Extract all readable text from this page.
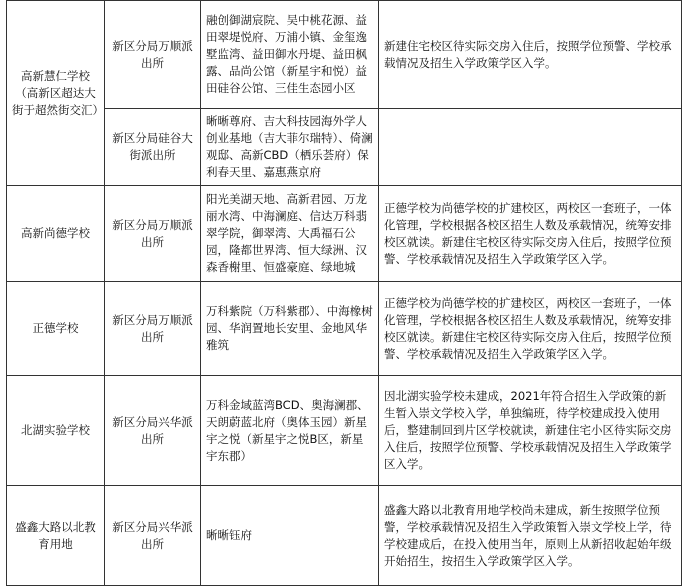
高新慧仁学校（高新区超达大街于超然街交汇）	新区分局万顺派出所	融创御湖宸院、吴中桃花源、益田翠堤悦府、万浦小镇、金玺逸墅监湾、益田御水丹堤、益田枫露、品尚公馆（新星宇和悦）益田硅谷公馆、三佳生态园小区	新建住宅校区待实际交房入住后，按照学位预警、学校承载情况及招生入学政策学区入学。

	新区分局硅谷大街派出所	晰晰尊府、吉大科技园海外学人创业基地（吉大菲尔瑞特）、倚澜观邸、高新CBD（栖乐荟府）保利春天里、嘉惠燕京府	

高新尚德学校	新区分局万顺派出所	阳光美湖天地、高新君园、万龙丽水湾、中海澜庭、信达万科翡翠学院，御翠湾、大禹福石公园，隆都世界湾、恒大绿洲、汉森香榭里、恒盛豪庭、绿地城	正德学校为尚德学校的扩建校区，两校区一套班子，一体化管理，学校根据各校区招生人数及承载情况，统筹安排校区就读。新建住宅校区待实际交房入住后，按照学位预警、学校承载情况及招生入学政策学区入学。

正德学校	新区分局万顺派出所	万科紫院（万科紫郡）、中海橡树园、华润置地长安里、金地风华雅筑	正德学校为尚德学校的扩建校区，两校区一套班子，一体化管理，学校根据各校区招生人数及承载情况，统筹安排校区就读。新建住宅校区待实际交房入住后，按照学位预警、学校承载情况及招生入学政策学区入学。

北湖实验学校	新区分局兴华派出所	万科金域蓝湾BCD、奥海澜郡、天朗蔚蓝北府（奥体玉园）新星宇之悦（新星宇之悦B区，新星宇东郡）	因北湖实验学校未建成，2021年符合招生入学政策的新生暂入崇文学校入学，单独编班，待学校建成投入使用后，整建制回到片区学校就读，新建住宅小区待实际交房入住后，按照学位预警、学校承载情况及招生入学政策学区入学。

盛鑫大路以北教育用地	新区分局兴华派出所	晰晰钰府	盛鑫大路以北教育用地学校尚未建成，新生按照学位预警，学校承载情况及招生入学政策暂入崇文学校上学，待学校建成后，在投入使用当年，原则上从新招收起始年级开始招生，按招生入学政策学区入学。
